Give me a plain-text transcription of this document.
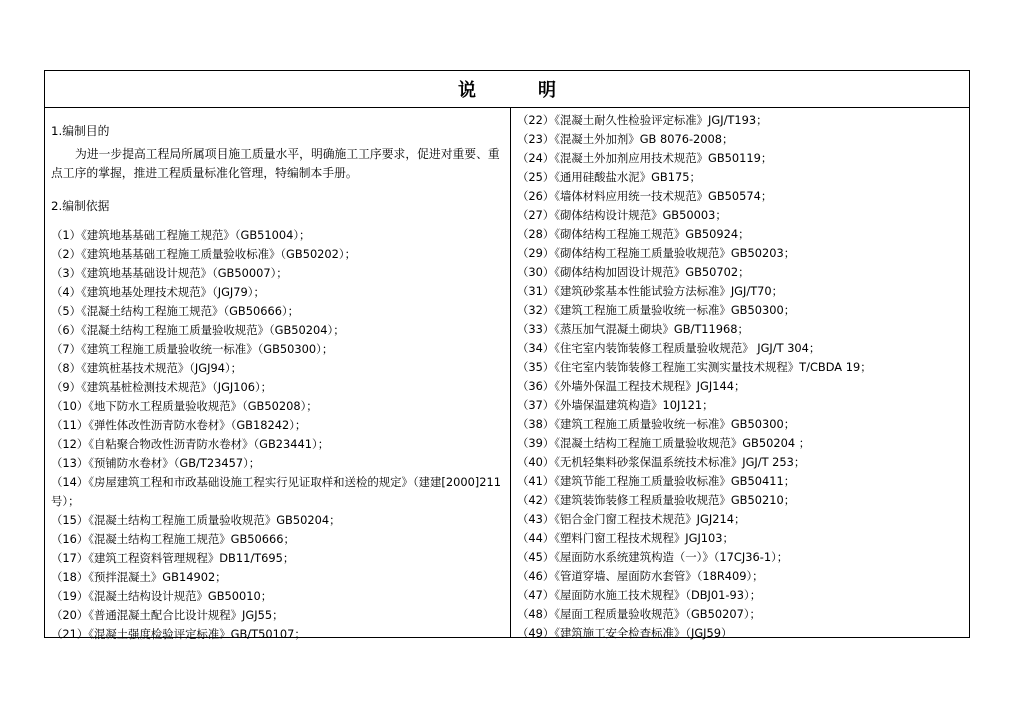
说　明
1.编制目的
为进一步提高工程局所属项目施工质量水平，明确施工工序要求，促进对重要、重点工序的掌握，推进工程质量标准化管理，特编制本手册。
2.编制依据
（1）《建筑地基基础工程施工规范》（GB51004）；
（2）《建筑地基基础工程施工质量验收标准》（GB50202）；
（3）《建筑地基基础设计规范》（GB50007）；
（4）《建筑地基处理技术规范》（JGJ79）；
（5）《混凝土结构工程施工规范》（GB50666）；
（6）《混凝土结构工程施工质量验收规范》（GB50204）；
（7）《建筑工程施工质量验收统一标准》（GB50300）；
（8）《建筑桩基技术规范》（JGJ94）；
（9）《建筑基桩检测技术规范》（JGJ106）；
（10）《地下防水工程质量验收规范》（GB50208）；
（11）《弹性体改性沥青防水卷材》（GB18242）；
（12）《自粘聚合物改性沥青防水卷材》（GB23441）；
（13）《预铺防水卷材》（GB/T23457）；
（14）《房屋建筑工程和市政基础设施工程实行见证取样和送检的规定》（建建[2000]211号）；
（15）《混凝土结构工程施工质量验收规范》GB50204；
（16）《混凝土结构工程施工规范》GB50666；
（17）《建筑工程资料管理规程》DB11/T695；
（18）《预拌混凝土》GB14902；
（19）《混凝土结构设计规范》GB50010；
（20）《普通混凝土配合比设计规程》JGJ55；
（21）《混凝土强度检验评定标准》GB/T50107；
（22）《混凝土耐久性检验评定标准》JGJ/T193；
（23）《混凝土外加剂》GB 8076-2008；
（24）《混凝土外加剂应用技术规范》GB50119；
（25）《通用硅酸盐水泥》GB175；
（26）《墙体材料应用统一技术规范》GB50574；
（27）《砌体结构设计规范》GB50003；
（28）《砌体结构工程施工规范》GB50924；
（29）《砌体结构工程施工质量验收规范》GB50203；
（30）《砌体结构加固设计规范》GB50702；
（31）《建筑砂浆基本性能试验方法标准》JGJ/T70；
（32）《建筑工程施工质量验收统一标准》GB50300；
（33）《蒸压加气混凝土砌块》GB/T11968；
（34）《住宅室内装饰装修工程质量验收规范》 JGJ/T 304；
（35）《住宅室内装饰装修工程施工实测实量技术规程》T/CBDA 19；
（36）《外墙外保温工程技术规程》JGJ144；
（37）《外墙保温建筑构造》10J121；
（38）《建筑工程施工质量验收统一标准》GB50300；
（39）《混凝土结构工程施工质量验收规范》GB50204 ；
（40）《无机轻集料砂浆保温系统技术标准》JGJ/T 253；
（41）《建筑节能工程施工质量验收标准》GB50411；
（42）《建筑装饰装修工程质量验收规范》GB50210；
（43）《铝合金门窗工程技术规范》JGJ214；
（44）《塑料门窗工程技术规程》JGJ103；
（45）《屋面防水系统建筑构造（一）》（17CJ36-1）；
（46）《管道穿墙、屋面防水套管》（18R409）；
（47）《屋面防水施工技术规程》（DBJ01-93）；
（48）《屋面工程质量验收规范》（GB50207）；
（49）《建筑施工安全检查标准》（JGJ59）
